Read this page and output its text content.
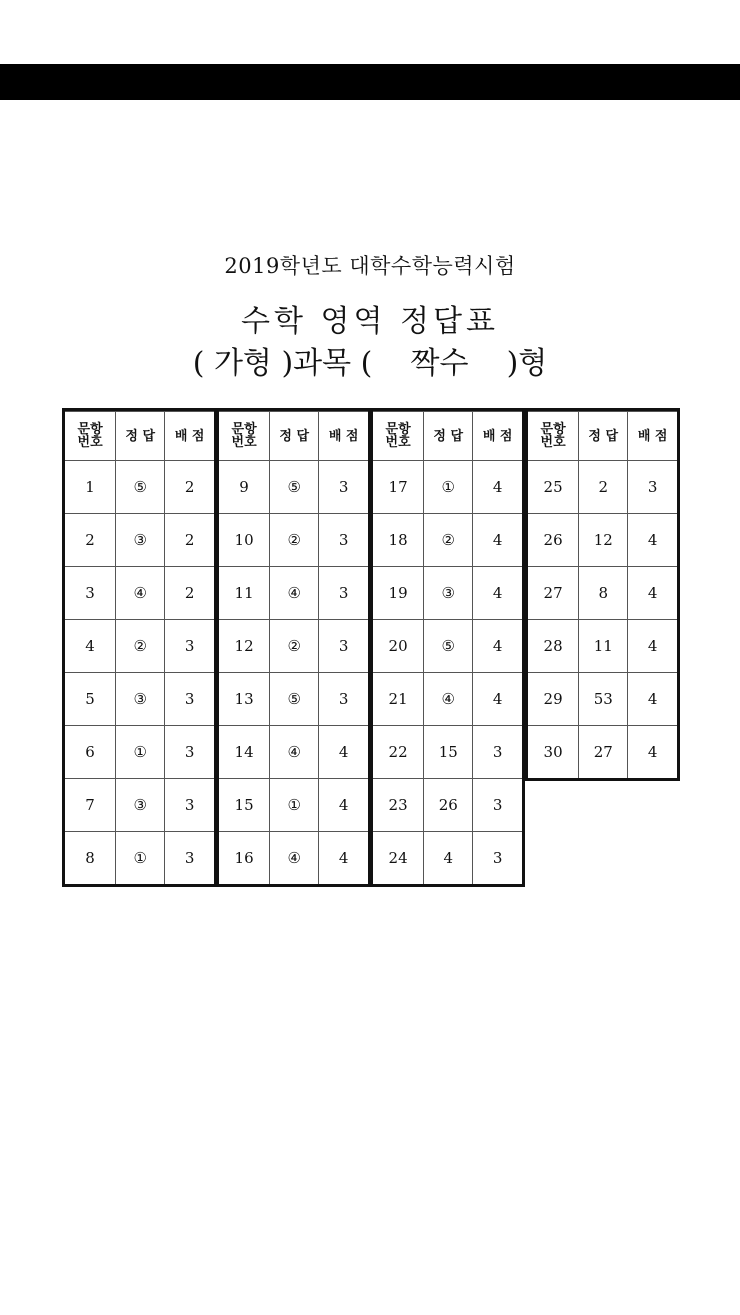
2019학년도 대학수학능력시험
수학 영역 정답표
( 가형 )과목 (    짝수    )형
문항
번호	정 답	배 점
1	⑤	2
2	③	2
3	④	2
4	②	3
5	③	3
6	①	3
7	③	3
8	①	3
문항
번호	정 답	배 점
9	⑤	3
10	②	3
11	④	3
12	②	3
13	⑤	3
14	④	4
15	①	4
16	④	4
문항
번호	정 답	배 점
17	①	4
18	②	4
19	③	4
20	⑤	4
21	④	4
22	15	3
23	26	3
24	4	3
문항
번호	정 답	배 점
25	2	3
26	12	4
27	8	4
28	11	4
29	53	4
30	27	4
